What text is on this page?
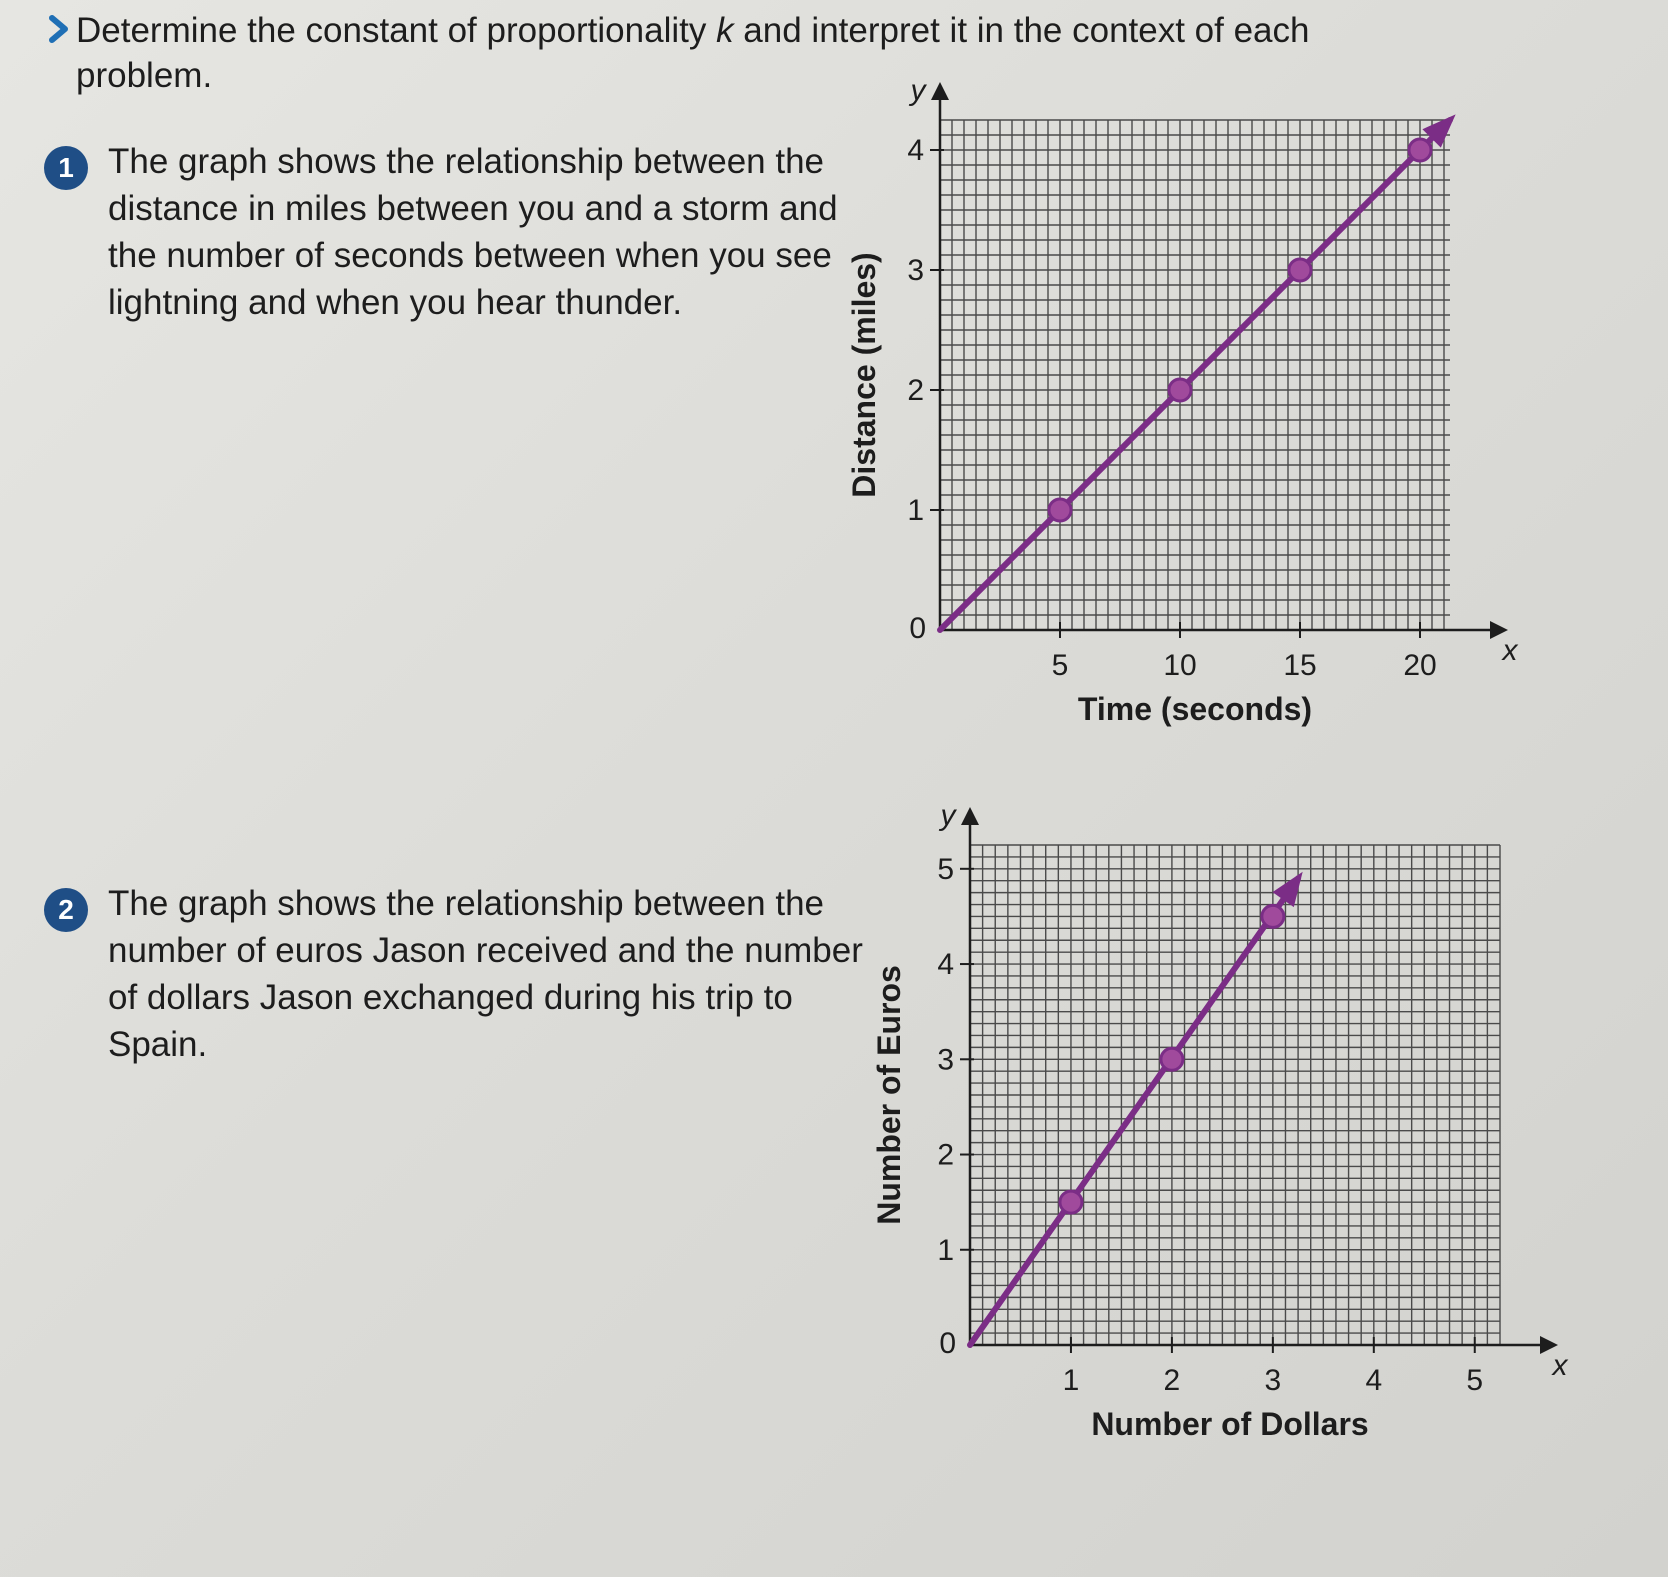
Determine the constant of proportionality k and interpret it in the context of each problem.

1 The graph shows the relationship between the distance in miles between you and a storm and the number of seconds between when you see lightning and when you hear thunder.

2 The graph shows the relationship between the number of euros Jason received and the number of dollars Jason exchanged during his trip to Spain.

y
x
0
5	10	15	20
1
2
3
4
Time (seconds)
Distance (miles)
y
x
0
1	2	3	4	5
1
2
3
4
5
Number of Dollars
Number of Euros
